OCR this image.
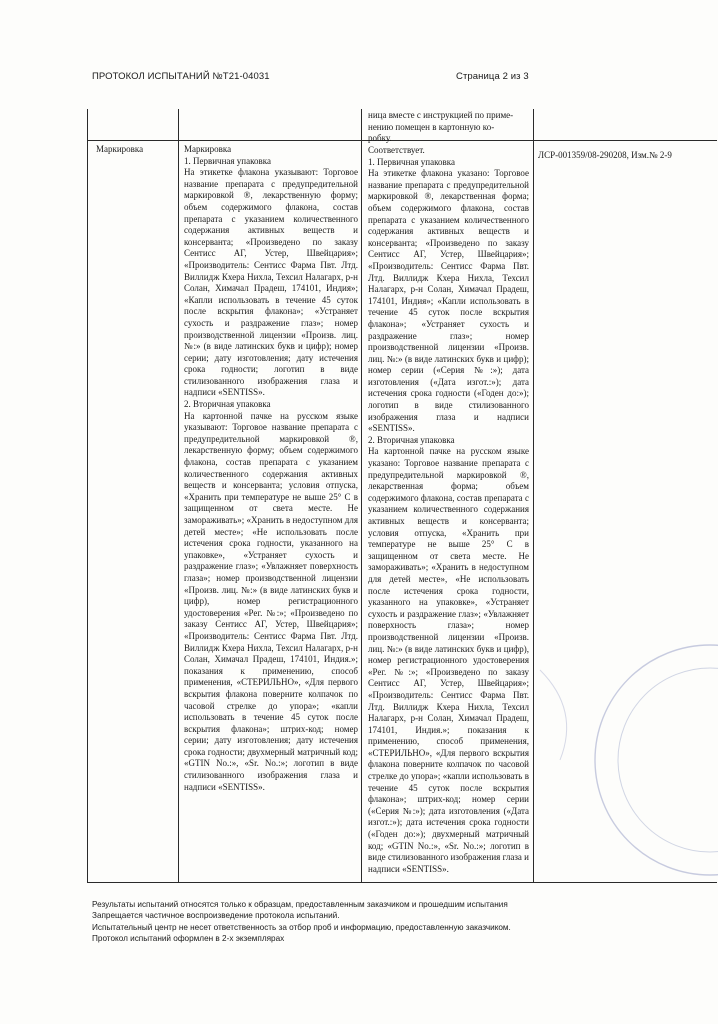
ПРОТОКОЛ ИСПЫТАНИЙ №T21-04031	Страница 2 из 3

ница вместе с инструкцией по приме-

нению помещен в картонную ко-

робку.

Маркировка	Маркировка

1. Первичная упаковка

На этикетке флакона указывают: Торговое название препарата с предупредительной маркировкой ®, лекарственную форму; объем содержимого флакона, состав препарата с указанием количественного содержания активных веществ и консерванта; «Произведено по заказу Сентисс АГ, Устер, Швейцария»; «Производитель: Сентисс Фарма Пвт. Лтд. Виллидж Кхера Нихла, Техсил Налагарх, р-н Солан, Химачал Прадеш, 174101, Индия»; «Капли использовать в течение 45 суток после вскрытия флакона»; «Устраняет сухость и раздражение глаз»; номер производственной лицензии «Произв. лиц. №:» (в виде латинских букв и цифр); номер серии; дату изготовления; дату истечения срока годности; логотип в виде стилизованного изображения глаза и надписи «SENTISS».

2. Вторичная упаковка

На картонной пачке на русском языке указывают: Торговое название препарата с предупредительной маркировкой ®, лекарственную форму; объем содержимого флакона, состав препарата с указанием количественного содержания активных веществ и консерванта; условия отпуска, «Хранить при температуре не выше 25° С в защищенном от света месте. Не замораживать»; «Хранить в недоступном для детей месте»; «Не использовать после истечения срока годности, указанного на упаковке», «Устраняет сухость и раздражение глаз»; «Увлажняет поверхность глаза»; номер производственной лицензии «Произв. лиц. №:» (в виде латинских букв и цифр), номер регистрационного удостоверения «Рег. №:»; «Произведено по заказу Сентисс АГ, Устер, Швейцария»; «Производитель: Сентисс Фарма Пвт. Лтд. Виллидж Кхера Нихла, Техсил Налагарх, р-н Солан, Химачал Прадеш, 174101, Индия.»; показания к применению, способ применения, «СТЕРИЛЬНО», «Для первого вскрытия флакона поверните колпачок по часовой стрелке до упора»; «капли использовать в течение 45 суток после вскрытия флакона»; штрих-код; номер серии; дату изготовления; дату истечения срока годности; двухмерный матричный код; «GTIN No.:», «Sr. No.:»; логотип в виде стилизованного изображения глаза и надписи «SENTISS».

Соответствует.

1. Первичная упаковка

На этикетке флакона указано: Торговое название препарата с предупредительной маркировкой ®, лекарственная форма; объем содержимого флакона, состав препарата с указанием количественного содержания активных веществ и консерванта; «Произведено по заказу Сентисс АГ, Устер, Швейцария»; «Производитель: Сентисс Фарма Пвт. Лтд. Виллидж Кхера Нихла, Техсил Налагарх, р-н Солан, Химачал Прадеш, 174101, Индия»; «Капли использовать в течение 45 суток после вскрытия флакона»; «Устраняет сухость и раздражение глаз»; номер производственной лицензии «Произв. лиц. №:» (в виде латинских букв и цифр); номер серии («Серия №:»); дата изготовления («Дата изгот.:»); дата истечения срока годности («Годен до:»); логотип в виде стилизованного изображения глаза и надписи «SENTISS».

2. Вторичная упаковка

На картонной пачке на русском языке указано: Торговое название препарата с предупредительной маркировкой ®, лекарственная форма; объем содержимого флакона, состав препарата с указанием количественного содержания активных веществ и консерванта; условия отпуска, «Хранить при температуре не выше 25° С в защищенном от света месте. Не замораживать»; «Хранить в недоступном для детей месте», «Не использовать после истечения срока годности, указанного на упаковке», «Устраняет сухость и раздражение глаз»; «Увлажняет поверхность глаза»; номер производственной лицензии «Произв. лиц. №:» (в виде латинских букв и цифр), номер регистрационного удостоверения «Рег. №:»; «Произведено по заказу Сентисс АГ, Устер, Швейцария»; «Производитель: Сентисс Фарма Пвт. Лтд. Виллидж Кхера Нихла, Техсил Налагарх, р-н Солан, Химачал Прадеш, 174101, Индия.»; показания к применению, способ применения, «СТЕРИЛЬНО», «Для первого вскрытия флакона поверните колпачок по часовой стрелке до упора»; «капли использовать в течение 45 суток после вскрытия флакона»; штрих-код; номер серии («Серия №:»); дата изготовления («Дата изгот.:»); дата истечения срока годности («Годен до:»); двухмерный матричный код; «GTIN No.:», «Sr. No.:»; логотип в виде стилизованного изображения глаза и надписи «SENTISS».

ЛСР-001359/08-290208, Изм.№ 2-9

Результаты испытаний относятся только к образцам, предоставленным заказчиком и прошедшим испытания

Запрещается частичное воспроизведение протокола испытаний.

Испытательный центр не несет ответственность за отбор проб и информацию, предоставленную заказчиком.

Протокол испытаний оформлен в 2-х экземплярах
